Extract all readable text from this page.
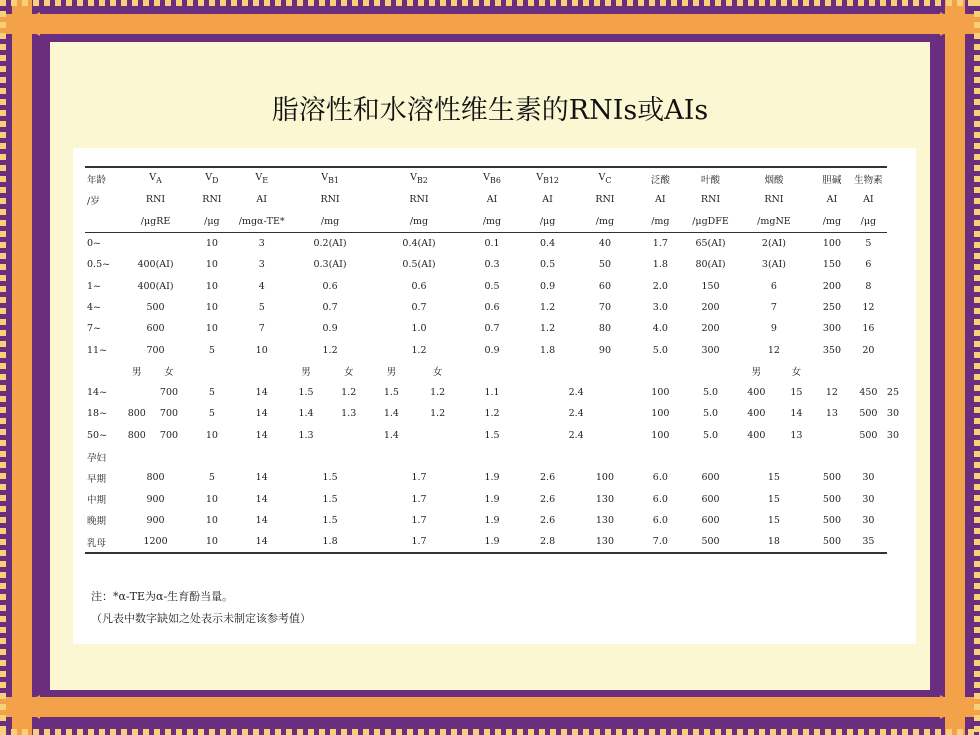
脂溶性和水溶性维生素的RNIs或AIs
年龄	$V_A$		$V_D$	$V_E$	$V_{B1}$		$V_{B2}$		$V_{B6}$	$V_{B12}$	$V_C$	泛酸	叶酸	烟酸		胆碱	生物素	
/岁	RNI		RNI	AI	RNI		RNI		AI	AI	RNI	AI	RNI	RNI		AI	AI	
	/μgRE		/μg	/mgα-TE*	/mg		/mg		/mg	/μg	/mg	/mg	/μgDFE	/mgNE		/mg	/μg	
0~			10	3	0.2(AI)		0.4(AI)		0.1	0.4	40	1.7	65(AI)	2(AI)		100	5	
0.5~	400(AI)		10	3	0.3(AI)		0.5(AI)		0.3	0.5	50	1.8	80(AI)	3(AI)		150	6	
1~	400(AI)		10	4	0.6		0.6		0.5	0.9	60	2.0	150	6		200	8	
4~	500		10	5	0.7		0.7		0.6	1.2	70	3.0	200	7		250	12	
7~	600		10	7	0.9		1.0		0.7	1.2	80	4.0	200	9		300	16	
11~	700		5	10	1.2		1.2		0.9	1.8	90	5.0	300	12		350	20	
	男	女			男	女	男	女						男	女			
14~		700	5	14	1.5	1.2	1.5	1.2	1.1	2.4		100	5.0	400	15	12	450	25
18~	800	700	5	14	1.4	1.3	1.4	1.2	1.2	2.4		100	5.0	400	14	13	500	30
50~	800	700	10	14	1.3		1.4		1.5	2.4		100	5.0	400	13		500	30
孕妇																		
早期	800		5	14	1.5		1.7		1.9	2.6	100	6.0	600	15		500	30	
中期	900		10	14	1.5		1.7		1.9	2.6	130	6.0	600	15		500	30	
晚期	900		10	14	1.5		1.7		1.9	2.6	130	6.0	600	15		500	30	
乳母	1200		10	14	1.8		1.7		1.9	2.8	130	7.0	500	18		500	35	
注：*α-TE为α-生育酚当量。
（凡表中数字缺如之处表示未制定该参考值）
